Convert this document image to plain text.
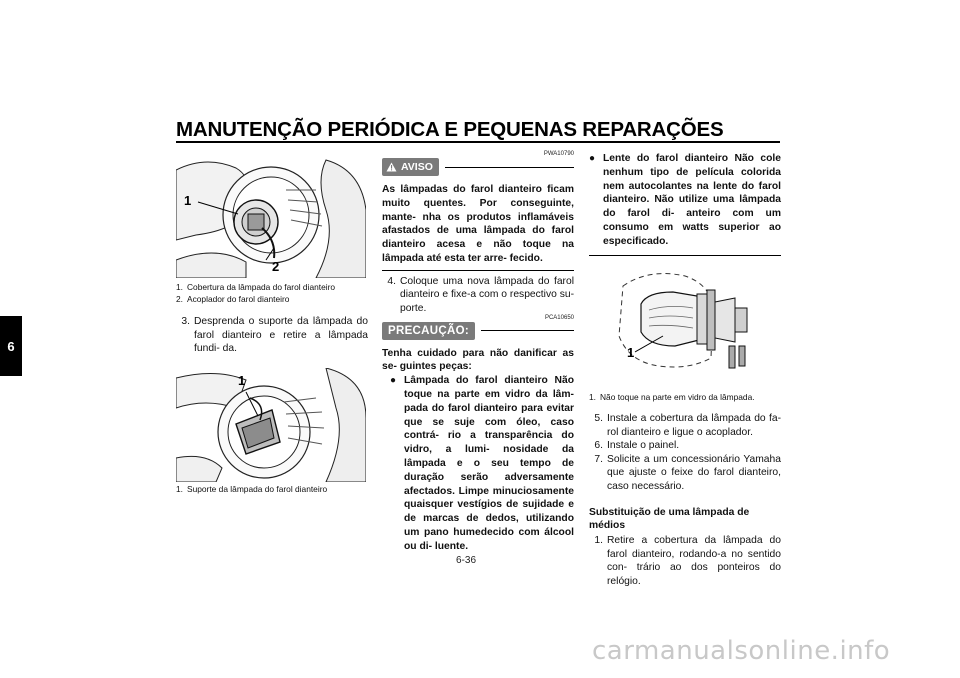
MANUTENÇÃO PERIÓDICA E PEQUENAS REPARAÇÕES
6
1
2
1. Cobertura da lâmpada do farol dianteiro
2. Acoplador do farol dianteiro
3. Desprenda o suporte da lâmpada do farol dianteiro e retire a lâmpada fundi- da.
1
1. Suporte da lâmpada do farol dianteiro
PWA10790
AVISO
As lâmpadas do farol dianteiro ficam muito quentes. Por conseguinte, mante- nha os produtos inflamáveis afastados de uma lâmpada do farol dianteiro acesa e não toque na lâmpada até esta ter arre- fecido.
4. Coloque uma nova lâmpada do farol dianteiro e fixe-a com o respectivo su- porte.
PCA10650
PRECAUÇÃO:
Tenha cuidado para não danificar as se- guintes peças:
● Lâmpada do farol dianteiro Não toque na parte em vidro da lâm- pada do farol dianteiro para evitar que se suje com óleo, caso contrá- rio a transparência do vidro, a lumi- nosidade da lâmpada e o seu tempo de duração serão adversamente afectados. Limpe minuciosamente quaisquer vestígios de sujidade e de marcas de dedos, utilizando um pano humedecido com álcool ou di- luente.
● Lente do farol dianteiro Não cole nenhum tipo de película colorida nem autocolantes na lente do farol dianteiro. Não utilize uma lâmpada do farol di- anteiro com um consumo em watts superior ao especificado.
1
1. Não toque na parte em vidro da lâmpada.
5. Instale a cobertura da lâmpada do fa- rol dianteiro e ligue o acoplador.
6. Instale o painel.
7. Solicite a um concessionário Yamaha que ajuste o feixe do farol dianteiro, caso necessário.
Substituição de uma lâmpada de médios
1. Retire a cobertura da lâmpada do farol dianteiro, rodando-a no sentido con- trário ao dos ponteiros do relógio.
6-36
carmanualsonline.info
